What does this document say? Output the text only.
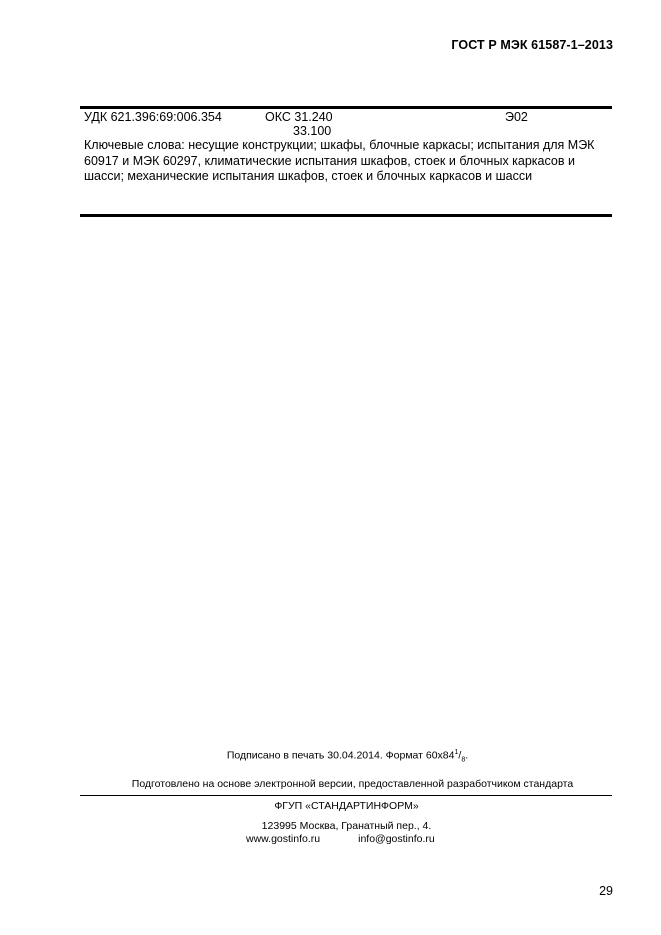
ГОСТ Р МЭК 61587-1–2013
УДК 621.396:69:006.354	ОКС 31.240
33.100
Э02
Ключевые слова: несущие конструкции; шкафы, блочные каркасы; испытания для МЭК 60917 и МЭК 60297, климатические испытания шкафов, стоек и блочных каркасов и шасси; механические испытания шкафов, стоек и блочных каркасов и шасси
Подписано в печать 30.04.2014. Формат $60х84^1/_8$.
Подготовлено на основе электронной версии, предоставленной разработчиком стандарта
ФГУП «СТАНДАРТИНФОРМ»
123995 Москва, Гранатный пер., 4.
www.gostinfo.ru	info@gostinfo.ru
29
